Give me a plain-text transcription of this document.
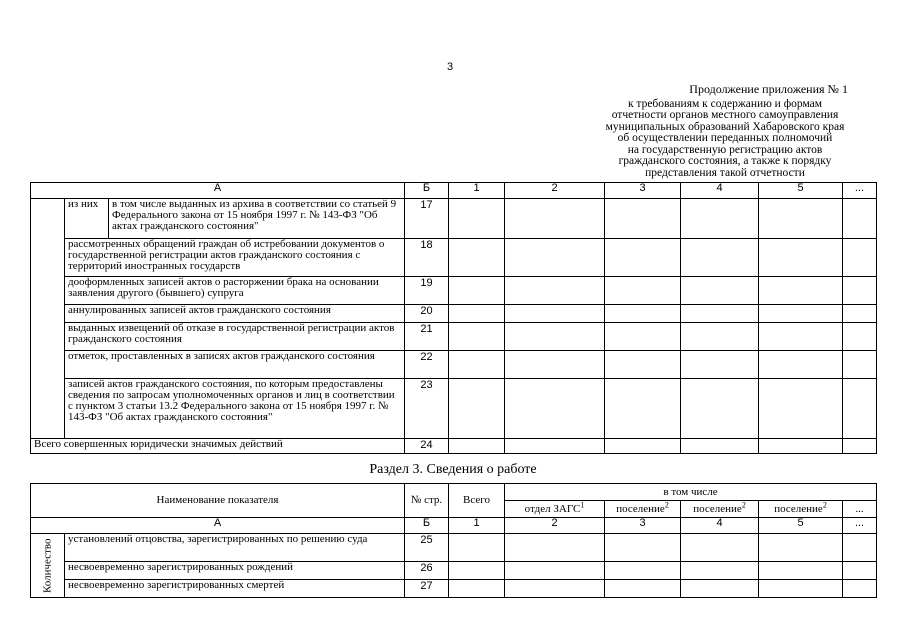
3
Продолжение приложения № 1
к требованиям к содержанию и формам
отчетности органов местного самоуправления
муниципальных образований Хабаровского края
об осуществлении переданных полномочий
на государственную регистрацию актов
гражданского состояния, а также к порядку
представления такой отчетности
А			Б	1	2	3	4	5	...
	из них	в том числе выданных из архива в соответствии со статьей 9 Федерального закона от 15 ноября 1997 г. № 143-ФЗ "Об актах гражданского состояния"	17						
	рассмотренных обращений граждан об истребовании документов о государственной регистрации актов гражданского состояния с территорий иностранных государств		18						
	дооформленных записей актов о расторжении брака на основании заявления другого (бывшего) супруга		19						
	аннулированных записей актов гражданского состояния		20						
	выданных извещений об отказе в государственной регистрации актов гражданского состояния		21						
	отметок, проставленных в записях актов гражданского состояния		22						
	записей актов гражданского состояния, по которым предоставлены сведения по запросам уполномоченных органов и лиц в соответствии с пунктом 3 статьи 13.2 Федерального закона от 15 ноября 1997 г. № 143-ФЗ "Об актах гражданского состояния"		23						
Всего совершенных юридически значимых действий			24						
Раздел 3. Сведения о работе
Наименование показателя		№ стр.	Всего	в том числе				
				отдел ЗАГС$^1$	поселение$^2$	поселение$^2$	поселение$^2$	...
А		Б	1	2	3	4	5	...
Количество	установлений отцовства, зарегистрированных по решению суда	25						
	несвоевременно зарегистрированных рождений	26						
	несвоевременно зарегистрированных смертей	27						
